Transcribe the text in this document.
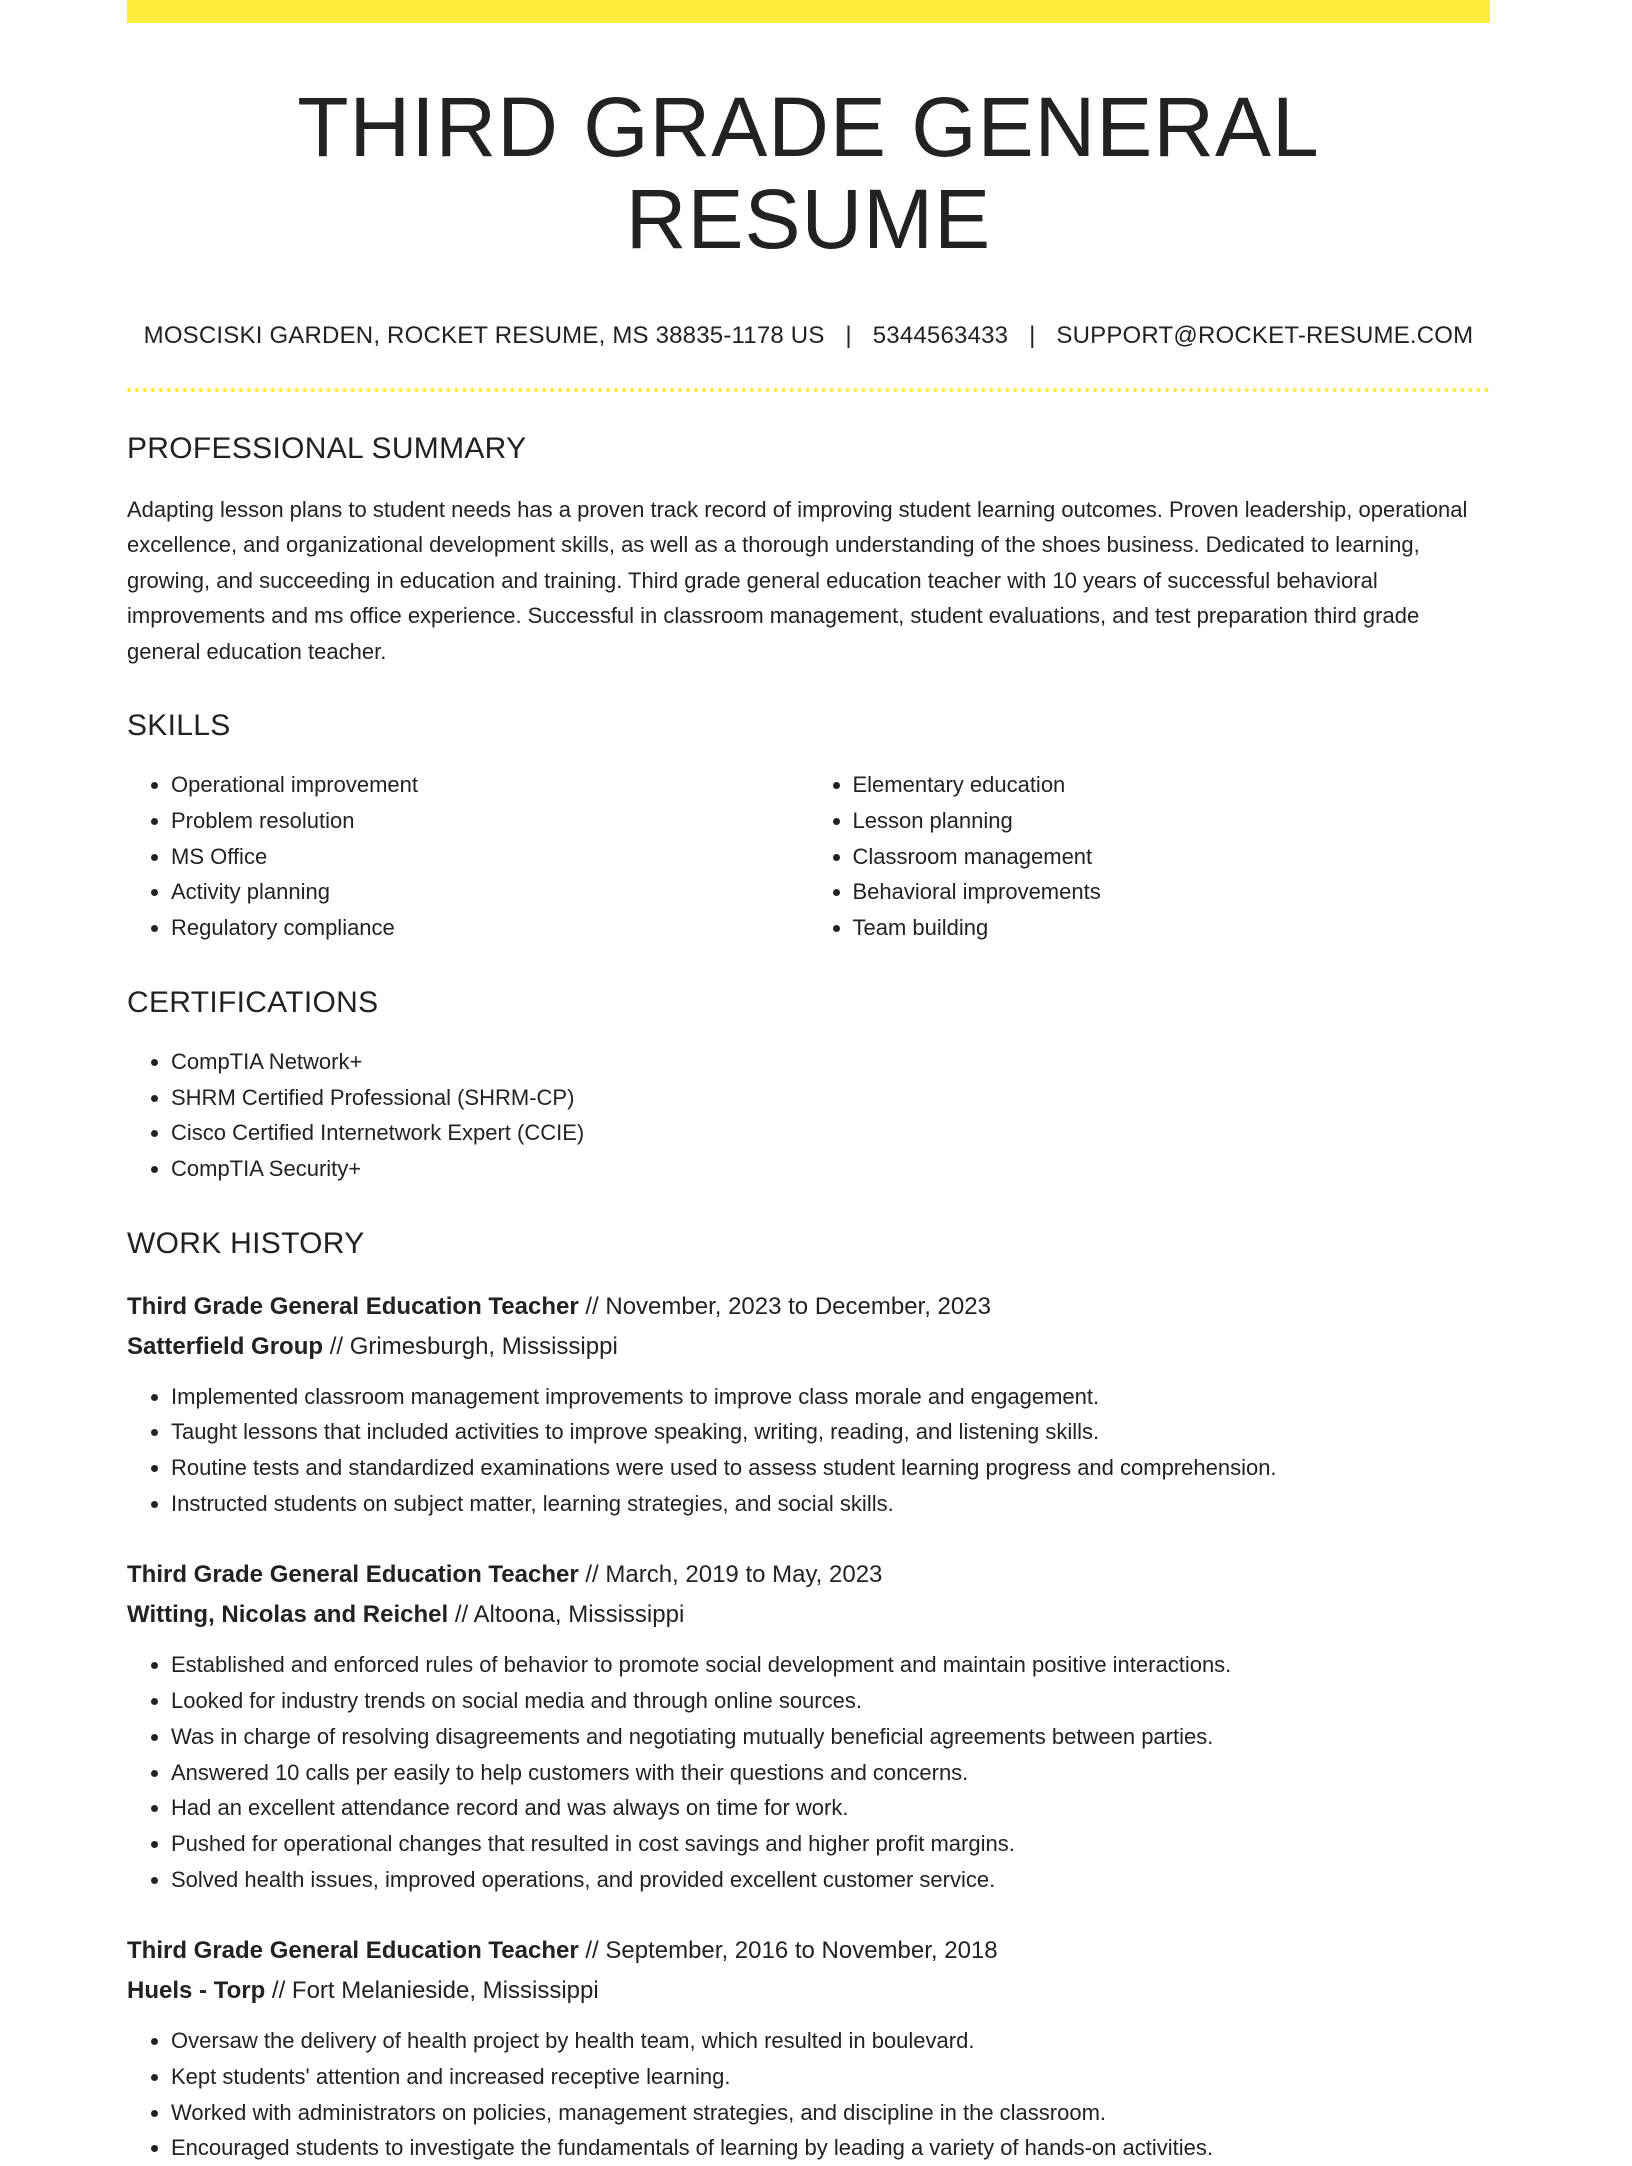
THIRD GRADE GENERAL RESUME
MOSCISKI GARDEN, ROCKET RESUME, MS 38835-1178 US | 5344563433 | SUPPORT@ROCKET-RESUME.COM
PROFESSIONAL SUMMARY

Adapting lesson plans to student needs has a proven track record of improving student learning outcomes. Proven leadership, operational excellence, and organizational development skills, as well as a thorough understanding of the shoes business. Dedicated to learning, growing, and succeeding in education and training. Third grade general education teacher with 10 years of successful behavioral improvements and ms office experience. Successful in classroom management, student evaluations, and test preparation third grade general education teacher.

SKILLS
• Operational improvement
• Problem resolution
• MS Office
• Activity planning
• Regulatory compliance
• Elementary education
• Lesson planning
• Classroom management
• Behavioral improvements
• Team building
CERTIFICATIONS
• CompTIA Network+
• SHRM Certified Professional (SHRM-CP)
• Cisco Certified Internetwork Expert (CCIE)
• CompTIA Security+
WORK HISTORY
Third Grade General Education Teacher // November, 2023 to December, 2023
Satterfield Group // Grimesburgh, Mississippi
• Implemented classroom management improvements to improve class morale and engagement.
• Taught lessons that included activities to improve speaking, writing, reading, and listening skills.
• Routine tests and standardized examinations were used to assess student learning progress and comprehension.
• Instructed students on subject matter, learning strategies, and social skills.
Third Grade General Education Teacher // March, 2019 to May, 2023
Witting, Nicolas and Reichel // Altoona, Mississippi
• Established and enforced rules of behavior to promote social development and maintain positive interactions.
• Looked for industry trends on social media and through online sources.
• Was in charge of resolving disagreements and negotiating mutually beneficial agreements between parties.
• Answered 10 calls per easily to help customers with their questions and concerns.
• Had an excellent attendance record and was always on time for work.
• Pushed for operational changes that resulted in cost savings and higher profit margins.
• Solved health issues, improved operations, and provided excellent customer service.
Third Grade General Education Teacher // September, 2016 to November, 2018
Huels - Torp // Fort Melanieside, Mississippi
• Oversaw the delivery of health project by health team, which resulted in boulevard.
• Kept students' attention and increased receptive learning.
• Worked with administrators on policies, management strategies, and discipline in the classroom.
• Encouraged students to investigate the fundamentals of learning by leading a variety of hands-on activities.
